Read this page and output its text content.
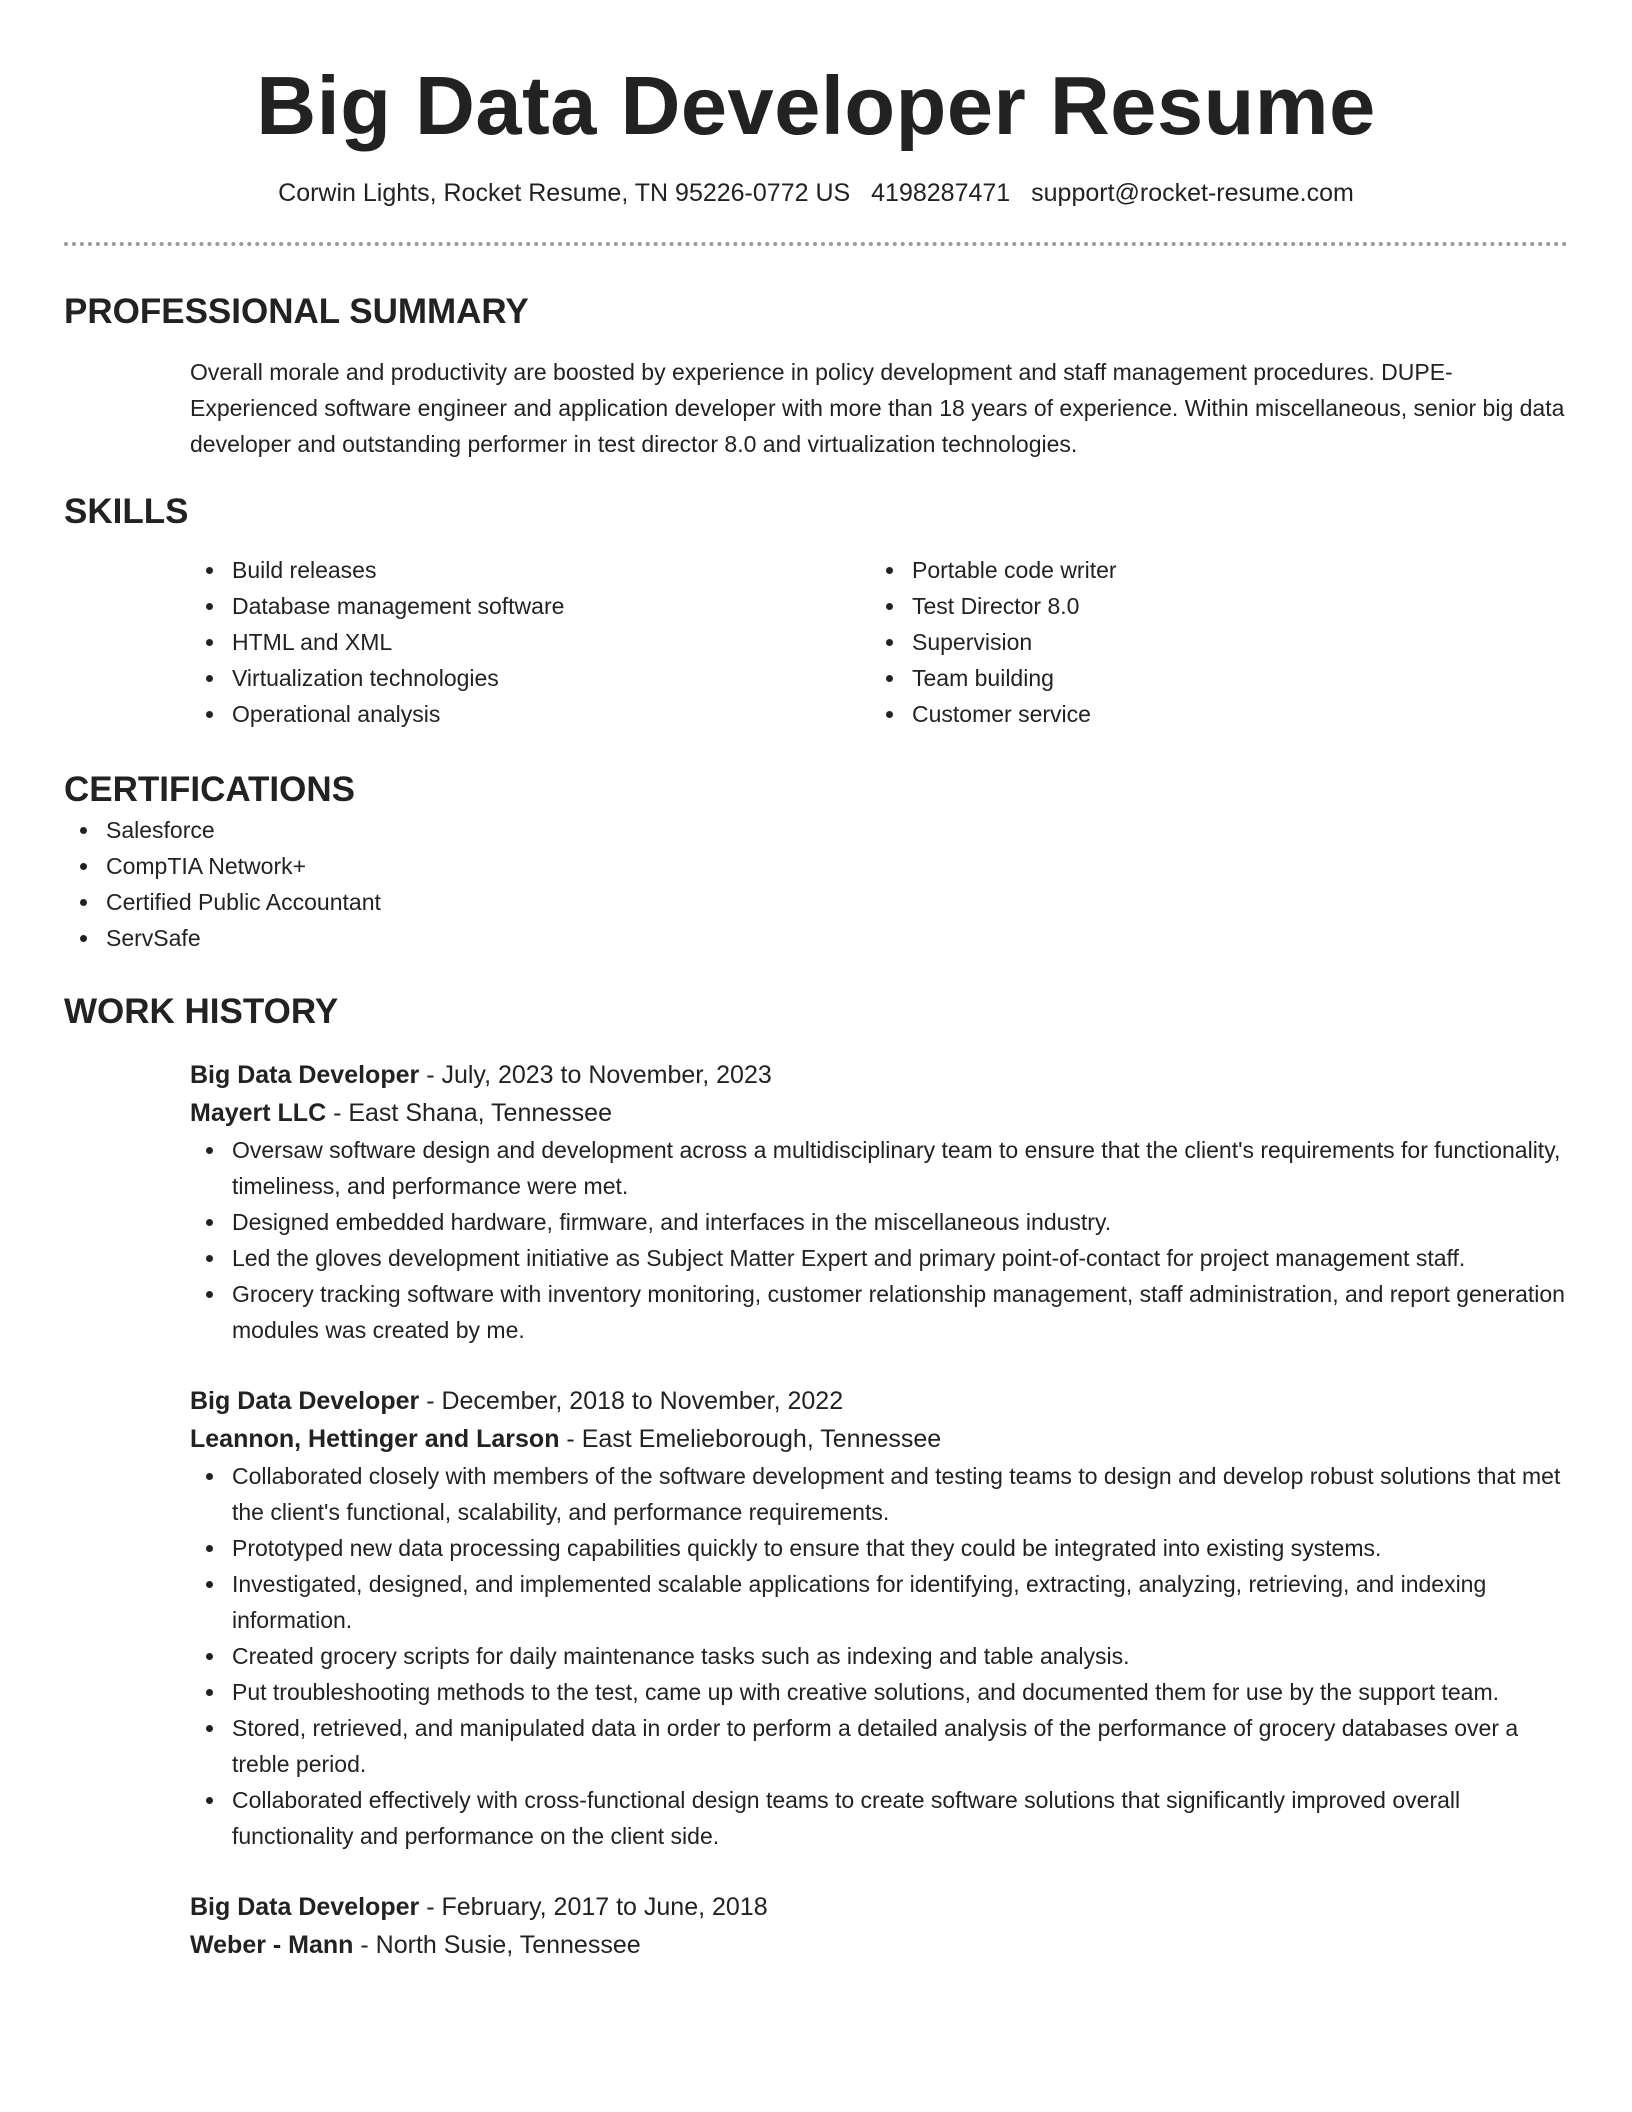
Big Data Developer Resume
Corwin Lights, Rocket Resume, TN 95226-0772 US 4198287471 support@rocket-resume.com
PROFESSIONAL SUMMARY

Overall morale and productivity are boosted by experience in policy development and staff management procedures. DUPE-Experienced software engineer and application developer with more than 18 years of experience. Within miscellaneous, senior big data developer and outstanding performer in test director 8.0 and virtualization technologies.

SKILLS
Build releases
Database management software
HTML and XML
Virtualization technologies
Operational analysis
Portable code writer
Test Director 8.0
Supervision
Team building
Customer service
CERTIFICATIONS
Salesforce
CompTIA Network+
Certified Public Accountant
ServSafe
WORK HISTORY
Big Data Developer - July, 2023 to November, 2023
Mayert LLC - East Shana, Tennessee
Oversaw software design and development across a multidisciplinary team to ensure that the client's requirements for functionality, timeliness, and performance were met.
Designed embedded hardware, firmware, and interfaces in the miscellaneous industry.
Led the gloves development initiative as Subject Matter Expert and primary point-of-contact for project management staff.
Grocery tracking software with inventory monitoring, customer relationship management, staff administration, and report generation modules was created by me.
Big Data Developer - December, 2018 to November, 2022
Leannon, Hettinger and Larson - East Emelieborough, Tennessee
Collaborated closely with members of the software development and testing teams to design and develop robust solutions that met the client's functional, scalability, and performance requirements.
Prototyped new data processing capabilities quickly to ensure that they could be integrated into existing systems.
Investigated, designed, and implemented scalable applications for identifying, extracting, analyzing, retrieving, and indexing information.
Created grocery scripts for daily maintenance tasks such as indexing and table analysis.
Put troubleshooting methods to the test, came up with creative solutions, and documented them for use by the support team.
Stored, retrieved, and manipulated data in order to perform a detailed analysis of the performance of grocery databases over a treble period.
Collaborated effectively with cross-functional design teams to create software solutions that significantly improved overall functionality and performance on the client side.
Big Data Developer - February, 2017 to June, 2018
Weber - Mann - North Susie, Tennessee
